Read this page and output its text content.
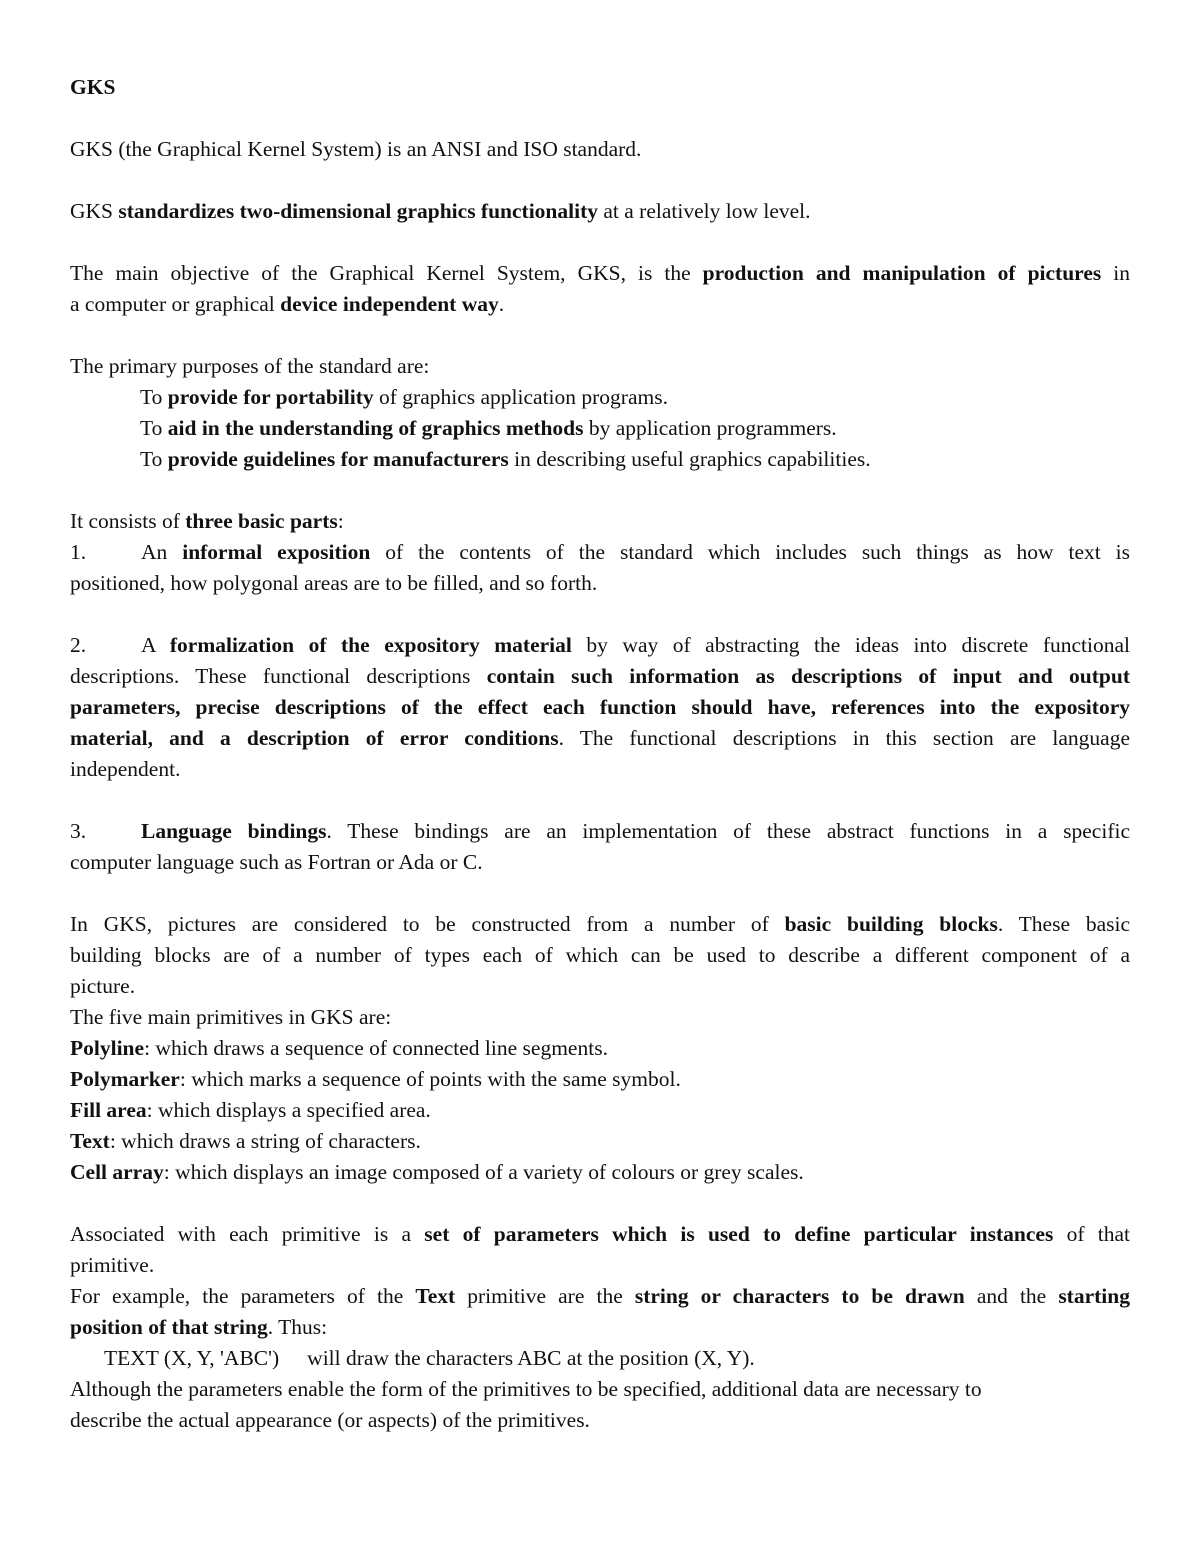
GKS
GKS (the Graphical Kernel System) is an ANSI and ISO standard.
GKS standardizes two-dimensional graphics functionality at a relatively low level.
The main objective of the Graphical Kernel System, GKS, is the production and manipulation of pictures in
a computer or graphical device independent way.
The primary purposes of the standard are:
To provide for portability of graphics application programs.
To aid in the understanding of graphics methods by application programmers.
To provide guidelines for manufacturers in describing useful graphics capabilities.
It consists of three basic parts:
1.	An informal exposition of the contents of the standard which includes such things as how text is
positioned, how polygonal areas are to be filled, and so forth.
2.	A formalization of the expository material by way of abstracting the ideas into discrete functional
descriptions. These functional descriptions contain such information as descriptions of input and output
parameters, precise descriptions of the effect each function should have, references into the expository
material, and a description of error conditions. The functional descriptions in this section are language
independent.
3.	Language bindings. These bindings are an implementation of these abstract functions in a specific
computer language such as Fortran or Ada or C.
In GKS, pictures are considered to be constructed from a number of basic building blocks. These basic
building blocks are of a number of types each of which can be used to describe a different component of a
picture.
The five main primitives in GKS are:
Polyline: which draws a sequence of connected line segments.
Polymarker: which marks a sequence of points with the same symbol.
Fill area: which displays a specified area.
Text: which draws a string of characters.
Cell array: which displays an image composed of a variety of colours or grey scales.
Associated with each primitive is a set of parameters which is used to define particular instances of that
primitive.
For example, the parameters of the Text primitive are the string or characters to be drawn and the starting
position of that string. Thus:
TEXT (X, Y, 'ABC') will draw the characters ABC at the position (X, Y).
Although the parameters enable the form of the primitives to be specified, additional data are necessary to
describe the actual appearance (or aspects) of the primitives.
